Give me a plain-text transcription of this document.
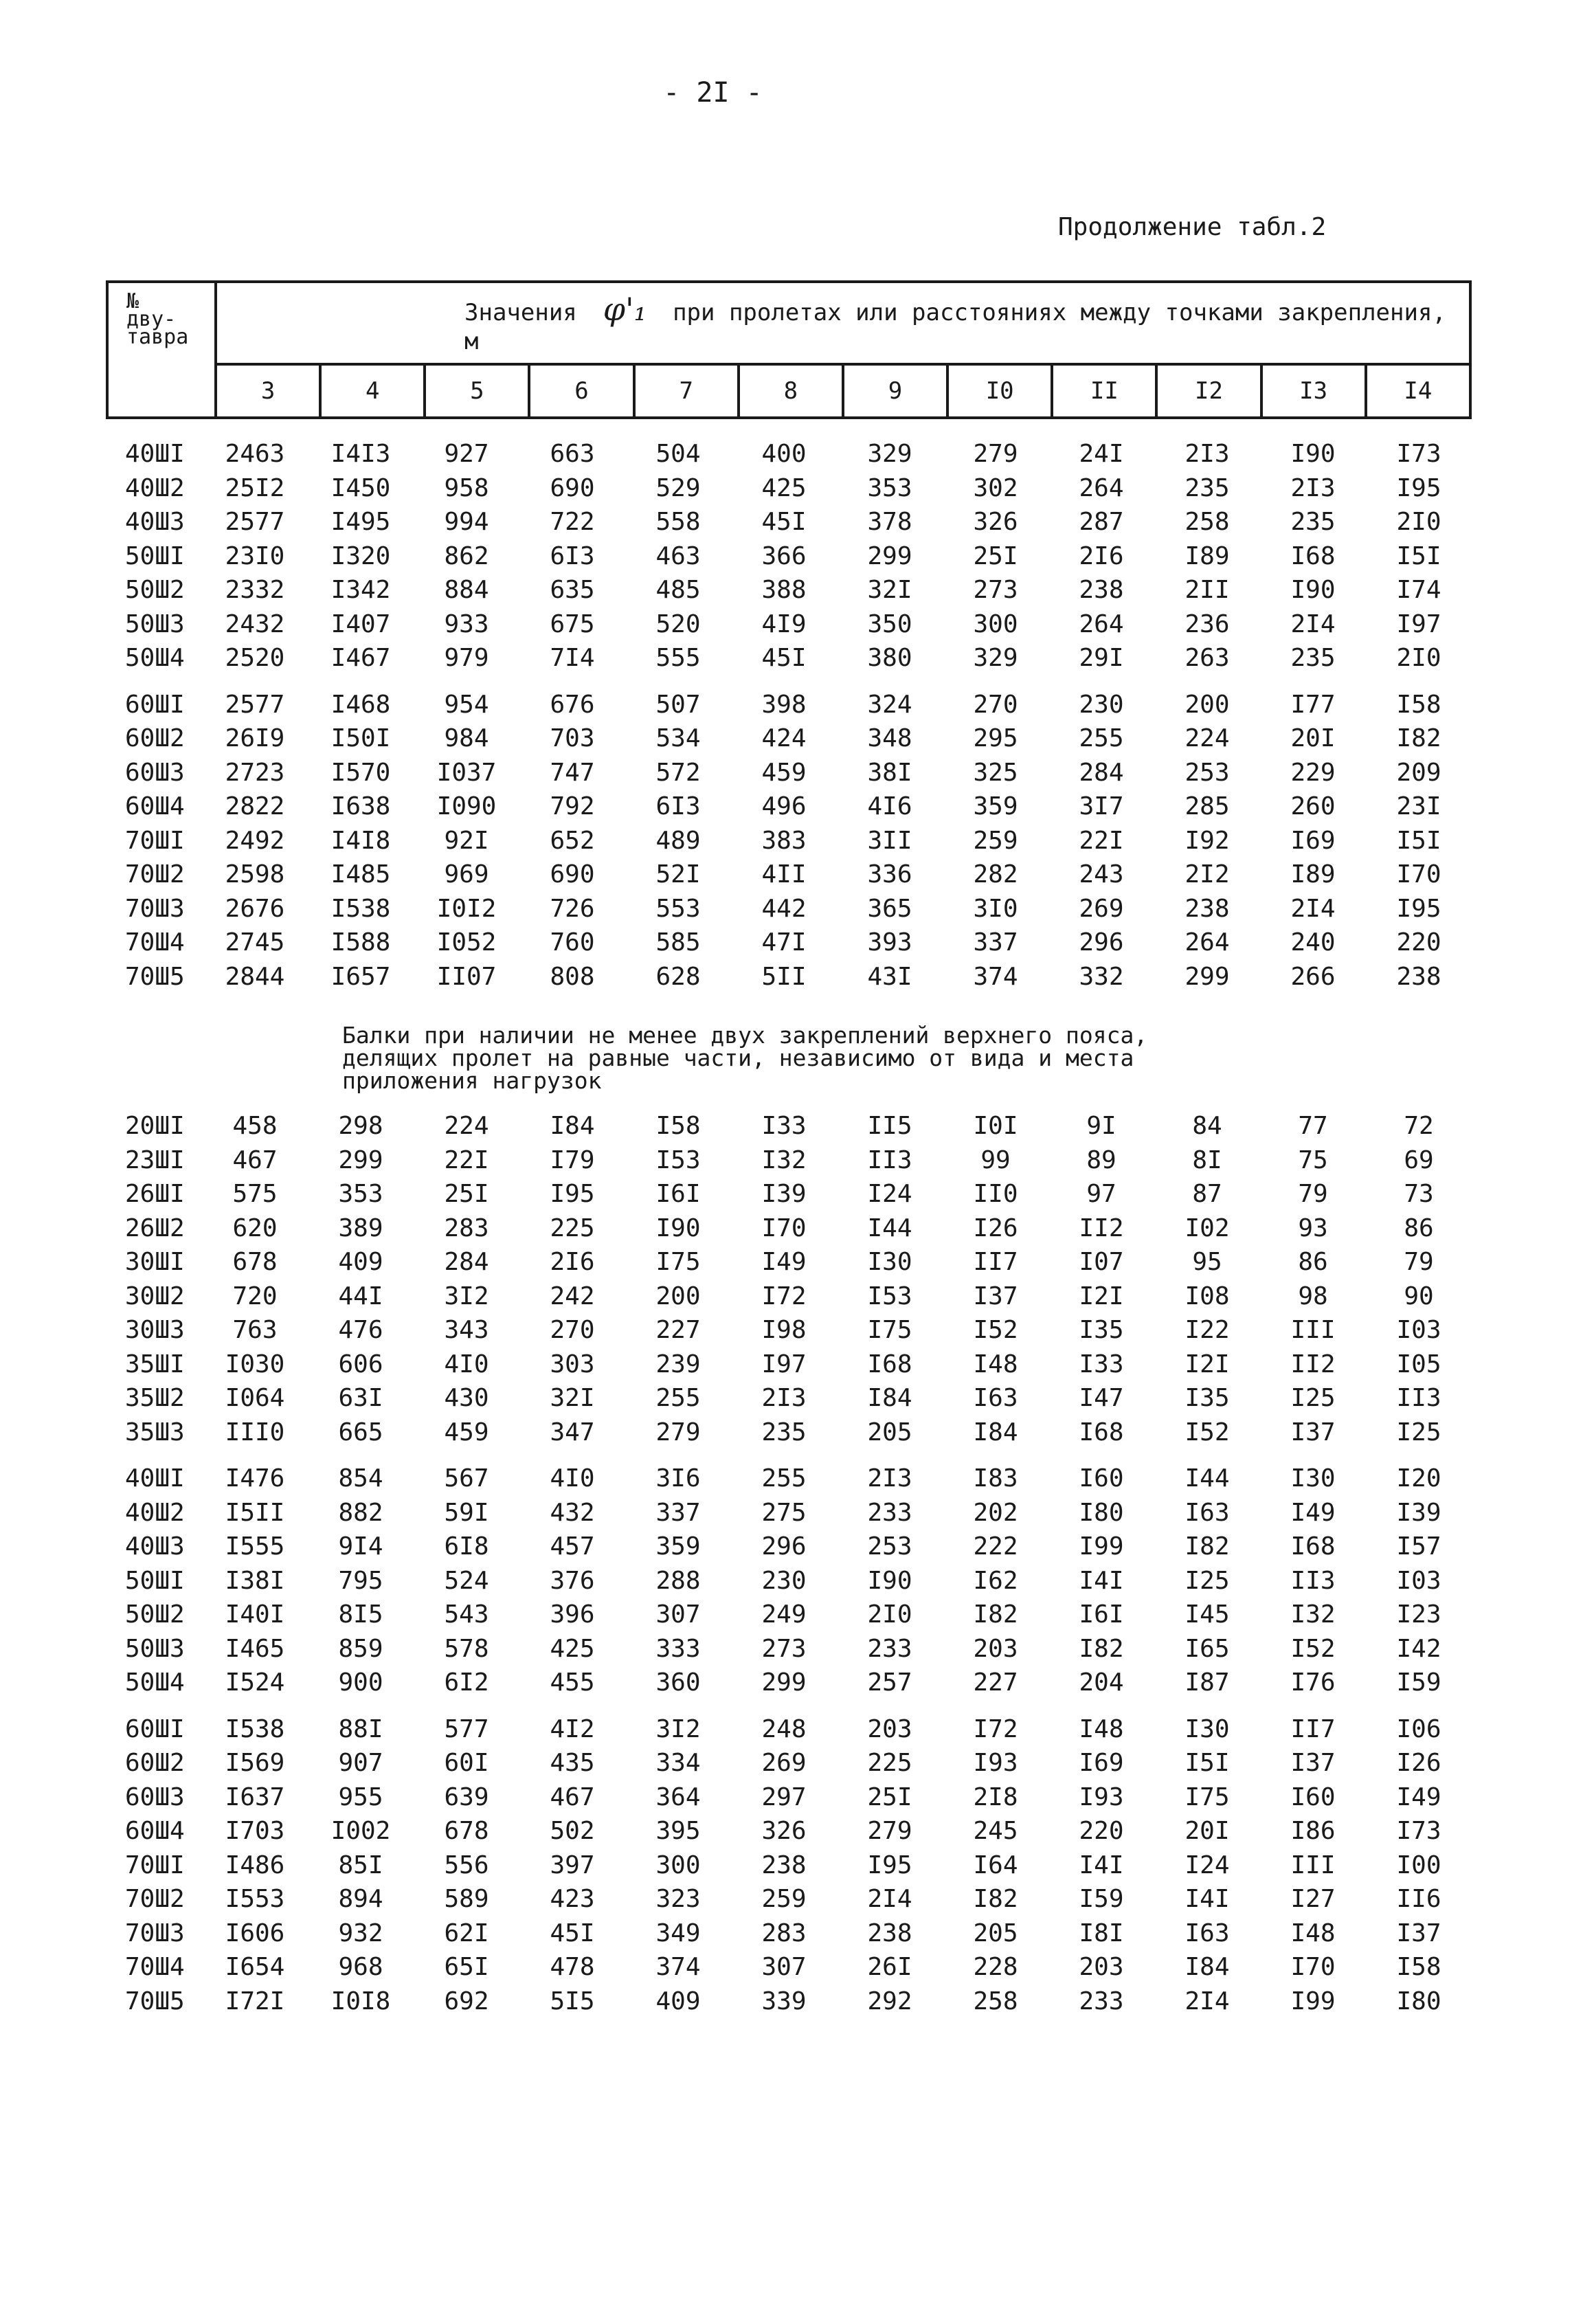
- 2I -
Продолжение табл.2
№
дву-
тавра	Значения φ'₁ при пролетах или расстояниях между точками закрепления, м											
	3	4	5	6	7	8	9	I0	II	I2	I3	I4
40ШI	2463	I4I3	927	663	504	400	329	279	24I	2I3	I90	I73
40Ш2	25I2	I450	958	690	529	425	353	302	264	235	2I3	I95
40Ш3	2577	I495	994	722	558	45I	378	326	287	258	235	2I0
50ШI	23I0	I320	862	6I3	463	366	299	25I	2I6	I89	I68	I5I
50Ш2	2332	I342	884	635	485	388	32I	273	238	2II	I90	I74
50Ш3	2432	I407	933	675	520	4I9	350	300	264	236	2I4	I97
50Ш4	2520	I467	979	7I4	555	45I	380	329	29I	263	235	2I0

60ШI	2577	I468	954	676	507	398	324	270	230	200	I77	I58
60Ш2	26I9	I50I	984	703	534	424	348	295	255	224	20I	I82
60Ш3	2723	I570	I037	747	572	459	38I	325	284	253	229	209
60Ш4	2822	I638	I090	792	6I3	496	4I6	359	3I7	285	260	23I
70ШI	2492	I4I8	92I	652	489	383	3II	259	22I	I92	I69	I5I
70Ш2	2598	I485	969	690	52I	4II	336	282	243	2I2	I89	I70
70Ш3	2676	I538	I0I2	726	553	442	365	3I0	269	238	2I4	I95
70Ш4	2745	I588	I052	760	585	47I	393	337	296	264	240	220
70Ш5	2844	I657	II07	808	628	5II	43I	374	332	299	266	238
Балки при наличии не менее двух закреплений верхнего пояса,
делящих пролет на равные части, независимо от вида и места
приложения нагрузок
20ШI	458	298	224	I84	I58	I33	II5	I0I	9I	84	77	72
23ШI	467	299	22I	I79	I53	I32	II3	99	89	8I	75	69
26ШI	575	353	25I	I95	I6I	I39	I24	II0	97	87	79	73
26Ш2	620	389	283	225	I90	I70	I44	I26	II2	I02	93	86
30ШI	678	409	284	2I6	I75	I49	I30	II7	I07	95	86	79
30Ш2	720	44I	3I2	242	200	I72	I53	I37	I2I	I08	98	90
30Ш3	763	476	343	270	227	I98	I75	I52	I35	I22	III	I03
35ШI	I030	606	4I0	303	239	I97	I68	I48	I33	I2I	II2	I05
35Ш2	I064	63I	430	32I	255	2I3	I84	I63	I47	I35	I25	II3
35Ш3	III0	665	459	347	279	235	205	I84	I68	I52	I37	I25

40ШI	I476	854	567	4I0	3I6	255	2I3	I83	I60	I44	I30	I20
40Ш2	I5II	882	59I	432	337	275	233	202	I80	I63	I49	I39
40Ш3	I555	9I4	6I8	457	359	296	253	222	I99	I82	I68	I57
50ШI	I38I	795	524	376	288	230	I90	I62	I4I	I25	II3	I03
50Ш2	I40I	8I5	543	396	307	249	2I0	I82	I6I	I45	I32	I23
50Ш3	I465	859	578	425	333	273	233	203	I82	I65	I52	I42
50Ш4	I524	900	6I2	455	360	299	257	227	204	I87	I76	I59

60ШI	I538	88I	577	4I2	3I2	248	203	I72	I48	I30	II7	I06
60Ш2	I569	907	60I	435	334	269	225	I93	I69	I5I	I37	I26
60Ш3	I637	955	639	467	364	297	25I	2I8	I93	I75	I60	I49
60Ш4	I703	I002	678	502	395	326	279	245	220	20I	I86	I73
70ШI	I486	85I	556	397	300	238	I95	I64	I4I	I24	III	I00
70Ш2	I553	894	589	423	323	259	2I4	I82	I59	I4I	I27	II6
70Ш3	I606	932	62I	45I	349	283	238	205	I8I	I63	I48	I37
70Ш4	I654	968	65I	478	374	307	26I	228	203	I84	I70	I58
70Ш5	I72I	I0I8	692	5I5	409	339	292	258	233	2I4	I99	I80
